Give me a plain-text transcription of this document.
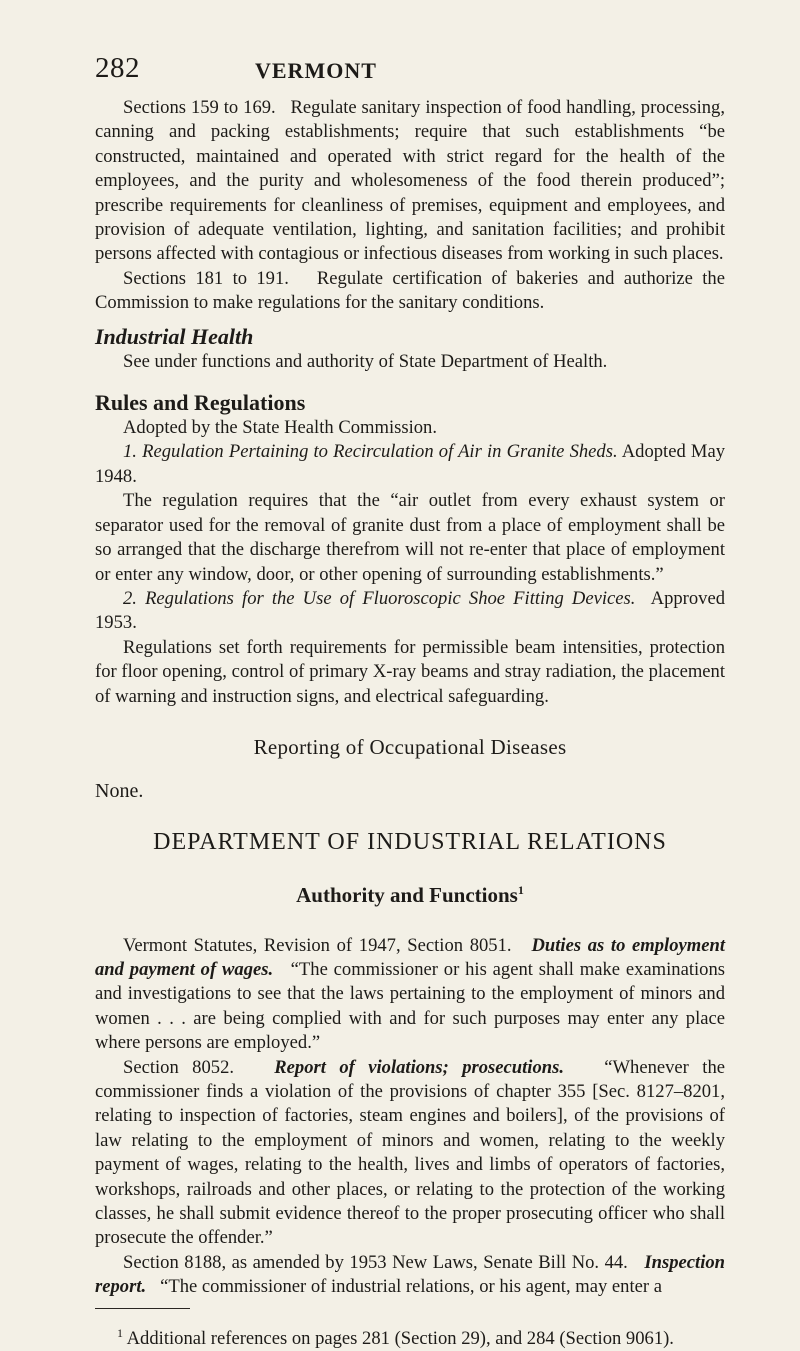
282	VERMONT

Sections 159 to 169. Regulate sanitary inspection of food handling, processing, canning and packing establishments; require that such establishments “be constructed, maintained and operated with strict regard for the health of the employees, and the purity and wholesomeness of the food therein produced”; prescribe requirements for cleanliness of premises, equipment and employees, and provision of adequate ventilation, lighting, and sanitation facilities; and prohibit persons affected with contagious or infectious diseases from working in such places.

Sections 181 to 191. Regulate certification of bakeries and authorize the Commission to make regulations for the sanitary conditions.

Industrial Health

See under functions and authority of State Department of Health.

Rules and Regulations

Adopted by the State Health Commission.

1. Regulation Pertaining to Recirculation of Air in Granite Sheds. Adopted May 1948.

The regulation requires that the “air outlet from every exhaust system or separator used for the removal of granite dust from a place of employment shall be so arranged that the discharge therefrom will not re-enter that place of employment or enter any window, door, or other opening of surrounding establishments.”

2. Regulations for the Use of Fluoroscopic Shoe Fitting Devices. Approved 1953.

Regulations set forth requirements for permissible beam intensities, protection for floor opening, control of primary X-ray beams and stray radiation, the placement of warning and instruction signs, and electrical safeguarding.

Reporting of Occupational Diseases

None.

DEPARTMENT OF INDUSTRIAL RELATIONS
Authority and Functions$^1$

Vermont Statutes, Revision of 1947, Section 8051. Duties as to employment and payment of wages. “The commissioner or his agent shall make examinations and investigations to see that the laws pertaining to the employment of minors and women . . . are being complied with and for such purposes may enter any place where persons are employed.”

Section 8052. Report of violations; prosecutions. “Whenever the commissioner finds a violation of the provisions of chapter 355 [Sec. 8127–8201, relating to inspection of factories, steam engines and boilers], of the provisions of law relating to the employment of minors and women, relating to the weekly payment of wages, relating to the health, lives and limbs of operators of factories, workshops, railroads and other places, or relating to the protection of the working classes, he shall submit evidence thereof to the proper prosecuting officer who shall prosecute the offender.”

Section 8188, as amended by 1953 New Laws, Senate Bill No. 44. Inspection report. “The commissioner of industrial relations, or his agent, may enter a

$^1$ Additional references on pages 281 (Section 29), and 284 (Section 9061).
